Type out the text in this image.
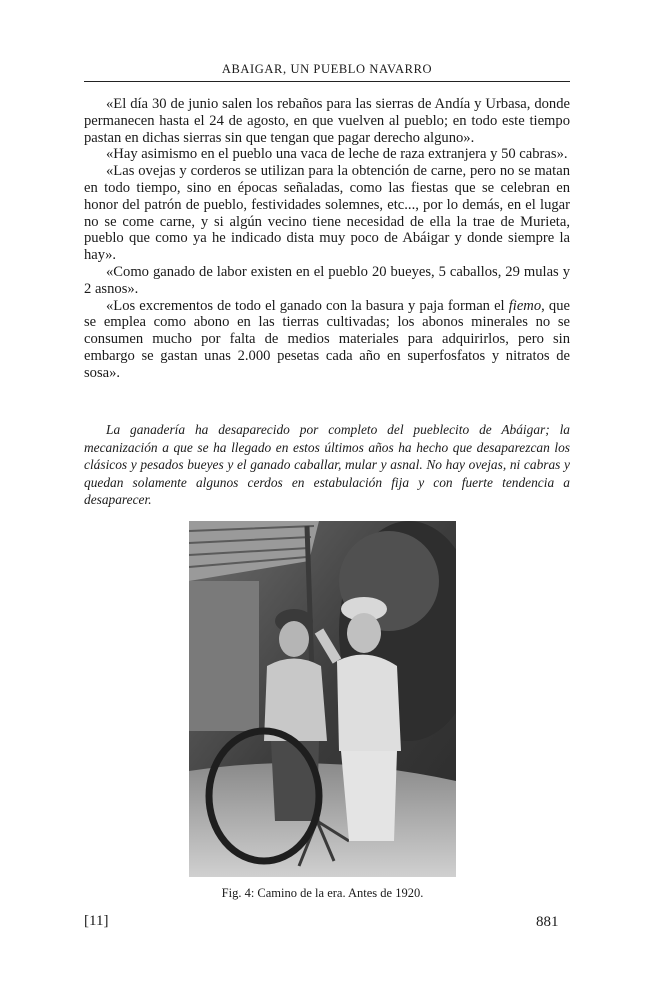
ABAIGAR, UN PUEBLO NAVARRO

«El día 30 de junio salen los rebaños para las sierras de Andía y Urbasa, donde permanecen hasta el 24 de agosto, en que vuelven al pueblo; en todo este tiempo pastan en dichas sierras sin que tengan que pagar derecho alguno».

«Hay asimismo en el pueblo una vaca de leche de raza extranjera y 50 cabras».

«Las ovejas y corderos se utilizan para la obtención de carne, pero no se matan en todo tiempo, sino en épocas señaladas, como las fiestas que se celebran en honor del patrón de pueblo, festividades solemnes, etc..., por lo demás, en el lugar no se come carne, y si algún vecino tiene necesidad de ella la trae de Murieta, pueblo que como ya he indicado dista muy poco de Abáigar y donde siempre la hay».

«Como ganado de labor existen en el pueblo 20 bueyes, 5 caballos, 29 mulas y 2 asnos».

«Los excrementos de todo el ganado con la basura y paja forman el fiemo, que se emplea como abono en las tierras cultivadas; los abonos minerales no se consumen mucho por falta de medios materiales para adquirirlos, pero sin embargo se gastan unas 2.000 pesetas cada año en superfosfatos y nitratos de sosa».

La ganadería ha desaparecido por completo del pueblecito de Abáigar; la mecanización a que se ha llegado en estos últimos años ha hecho que desaparezcan los clásicos y pesados bueyes y el ganado caballar, mular y asnal. No hay ovejas, ni cabras y quedan solamente algunos cerdos en estabulación fija y con fuerte tendencia a desaparecer.
Fig. 4: Camino de la era. Antes de 1920.
[11]	881
